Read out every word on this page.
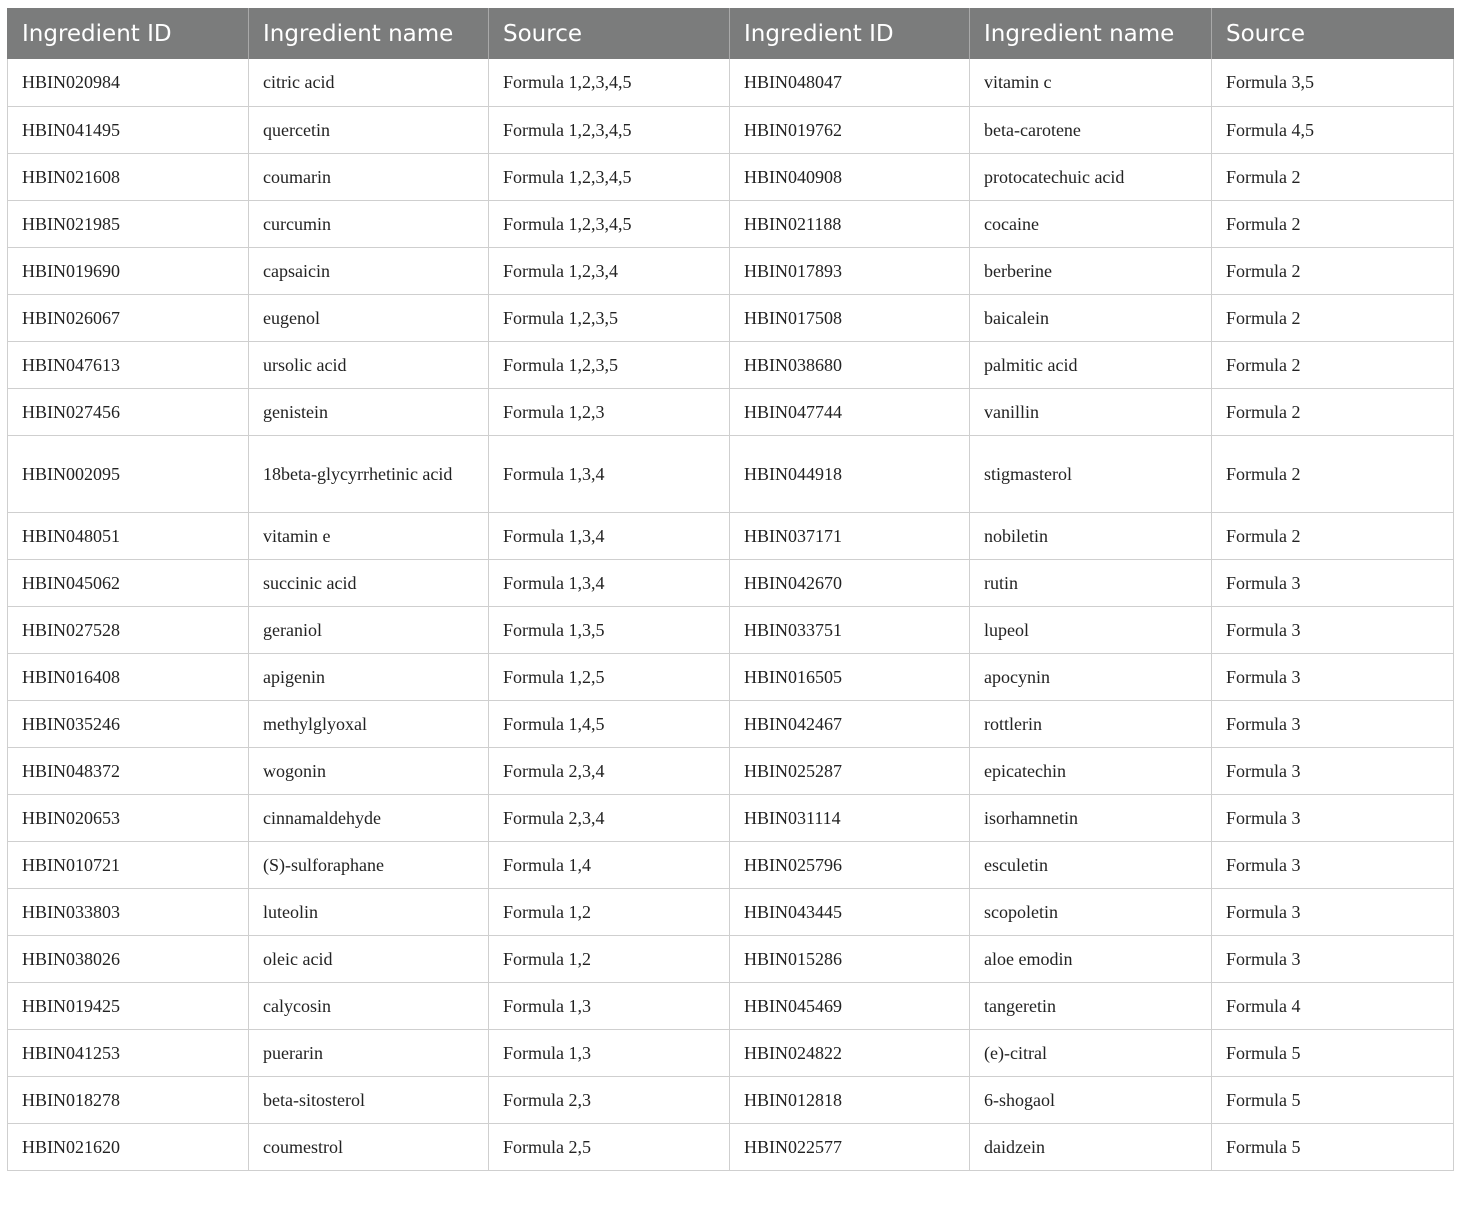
Ingredient ID	Ingredient name	Source	Ingredient ID	Ingredient name	Source
HBIN020984	citric acid	Formula 1,2,3,4,5	HBIN048047	vitamin c	Formula 3,5
HBIN041495	quercetin	Formula 1,2,3,4,5	HBIN019762	beta-carotene	Formula 4,5
HBIN021608	coumarin	Formula 1,2,3,4,5	HBIN040908	protocatechuic acid	Formula 2
HBIN021985	curcumin	Formula 1,2,3,4,5	HBIN021188	cocaine	Formula 2
HBIN019690	capsaicin	Formula 1,2,3,4	HBIN017893	berberine	Formula 2
HBIN026067	eugenol	Formula 1,2,3,5	HBIN017508	baicalein	Formula 2
HBIN047613	ursolic acid	Formula 1,2,3,5	HBIN038680	palmitic acid	Formula 2
HBIN027456	genistein	Formula 1,2,3	HBIN047744	vanillin	Formula 2
HBIN002095	18beta-glycyrrhetinic acid	Formula 1,3,4	HBIN044918	stigmasterol	Formula 2
HBIN048051	vitamin e	Formula 1,3,4	HBIN037171	nobiletin	Formula 2
HBIN045062	succinic acid	Formula 1,3,4	HBIN042670	rutin	Formula 3
HBIN027528	geraniol	Formula 1,3,5	HBIN033751	lupeol	Formula 3
HBIN016408	apigenin	Formula 1,2,5	HBIN016505	apocynin	Formula 3
HBIN035246	methylglyoxal	Formula 1,4,5	HBIN042467	rottlerin	Formula 3
HBIN048372	wogonin	Formula 2,3,4	HBIN025287	epicatechin	Formula 3
HBIN020653	cinnamaldehyde	Formula 2,3,4	HBIN031114	isorhamnetin	Formula 3
HBIN010721	(S)-sulforaphane	Formula 1,4	HBIN025796	esculetin	Formula 3
HBIN033803	luteolin	Formula 1,2	HBIN043445	scopoletin	Formula 3
HBIN038026	oleic acid	Formula 1,2	HBIN015286	aloe emodin	Formula 3
HBIN019425	calycosin	Formula 1,3	HBIN045469	tangeretin	Formula 4
HBIN041253	puerarin	Formula 1,3	HBIN024822	(e)-citral	Formula 5
HBIN018278	beta-sitosterol	Formula 2,3	HBIN012818	6-shogaol	Formula 5
HBIN021620	coumestrol	Formula 2,5	HBIN022577	daidzein	Formula 5
